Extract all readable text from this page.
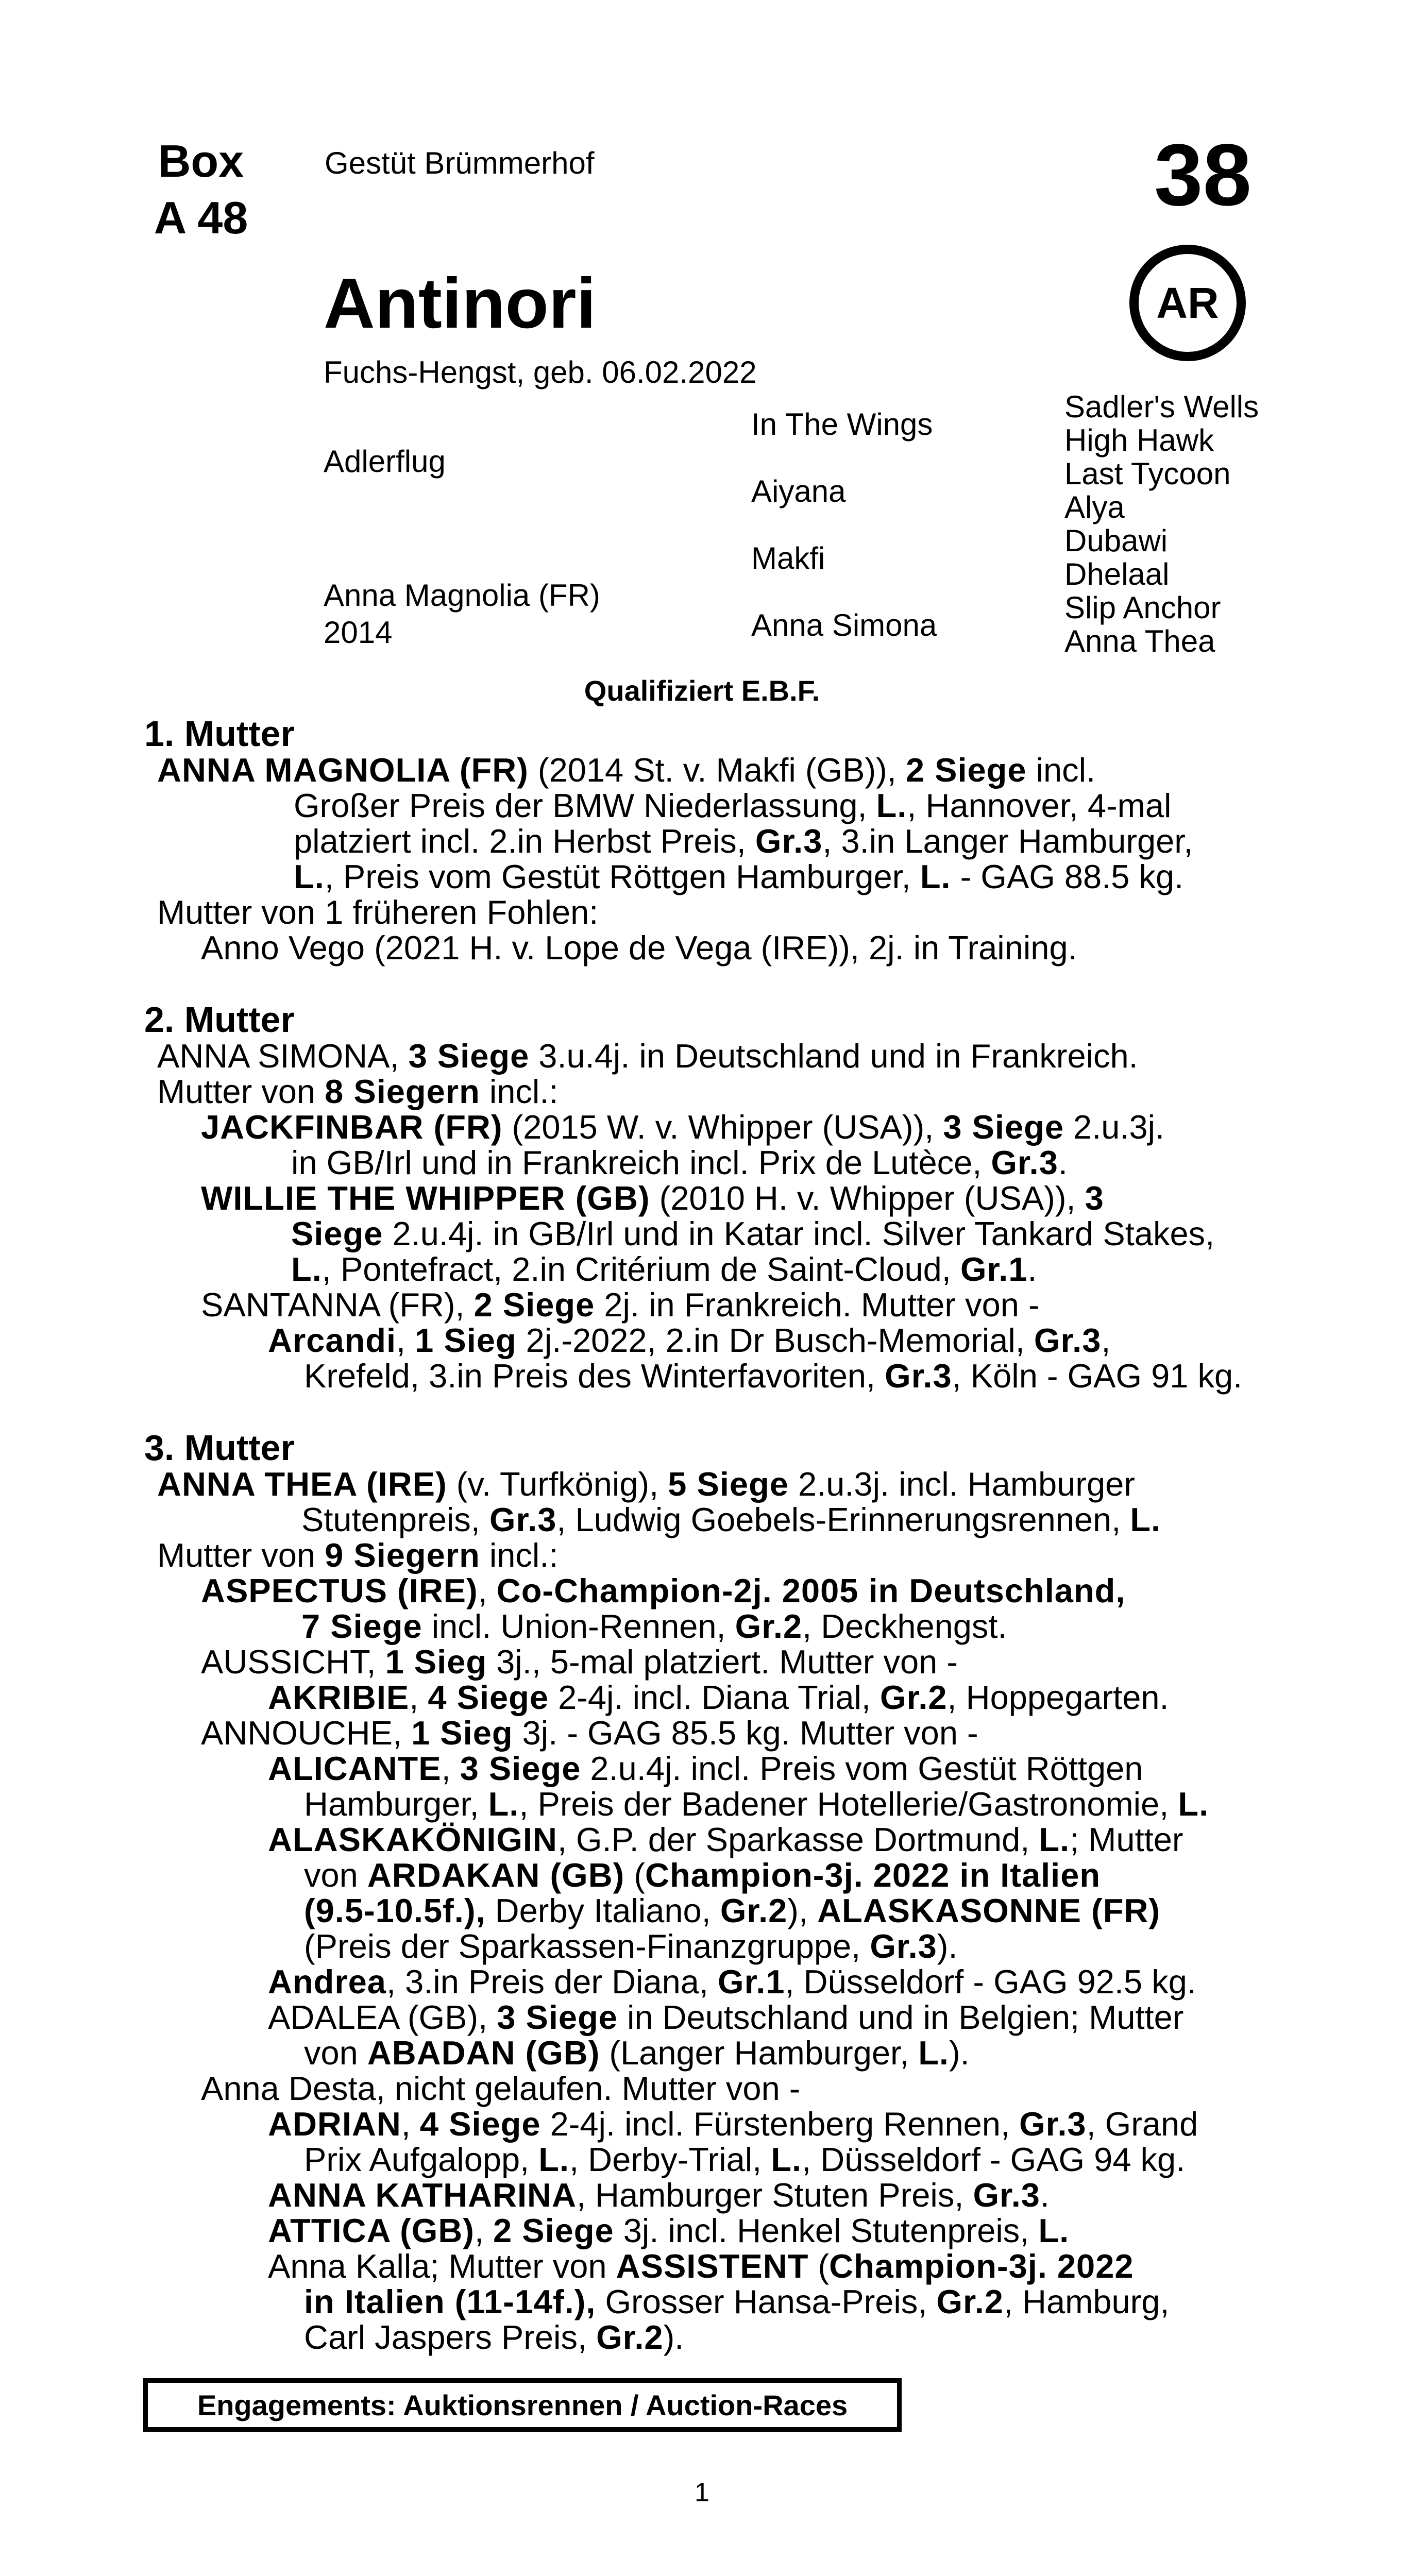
Box
A 48
Gestüt Brümmerhof	38
Antinori	AR
Fuchs-Hengst, geb. 06.02.2022
Adlerflug
Anna Magnolia (FR)
2014
In The Wings
Aiyana
Makfi
Anna Simona
Sadler's Wells
High Hawk
Last Tycoon
Alya
Dubawi
Dhelaal
Slip Anchor
Anna Thea
Qualifiziert E.B.F.
1. Mutter
ANNA MAGNOLIA (FR) (2014 St. v. Makfi (GB)), 2 Siege incl.
Großer Preis der BMW Niederlassung, L., Hannover, 4-mal
platziert incl. 2.in Herbst Preis, Gr.3, 3.in Langer Hamburger,
L., Preis vom Gestüt Röttgen Hamburger, L. - GAG 88.5 kg.
Mutter von 1 früheren Fohlen:
Anno Vego (2021 H. v. Lope de Vega (IRE)), 2j. in Training.
2. Mutter
ANNA SIMONA, 3 Siege 3.u.4j. in Deutschland und in Frankreich.
Mutter von 8 Siegern incl.:
JACKFINBAR (FR) (2015 W. v. Whipper (USA)), 3 Siege 2.u.3j.
in GB/Irl und in Frankreich incl. Prix de Lutèce, Gr.3.
WILLIE THE WHIPPER (GB) (2010 H. v. Whipper (USA)), 3
Siege 2.u.4j. in GB/Irl und in Katar incl. Silver Tankard Stakes,
L., Pontefract, 2.in Critérium de Saint-Cloud, Gr.1.
SANTANNA (FR), 2 Siege 2j. in Frankreich. Mutter von -
Arcandi, 1 Sieg 2j.-2022, 2.in Dr Busch-Memorial, Gr.3,
Krefeld, 3.in Preis des Winterfavoriten, Gr.3, Köln - GAG 91 kg.
3. Mutter
ANNA THEA (IRE) (v. Turfkönig), 5 Siege 2.u.3j. incl. Hamburger
Stutenpreis, Gr.3, Ludwig Goebels-Erinnerungsrennen, L.
Mutter von 9 Siegern incl.:
ASPECTUS (IRE), Co-Champion-2j. 2005 in Deutschland,
7 Siege incl. Union-Rennen, Gr.2, Deckhengst.
AUSSICHT, 1 Sieg 3j., 5-mal platziert. Mutter von -
AKRIBIE, 4 Siege 2-4j. incl. Diana Trial, Gr.2, Hoppegarten.
ANNOUCHE, 1 Sieg 3j. - GAG 85.5 kg. Mutter von -
ALICANTE, 3 Siege 2.u.4j. incl. Preis vom Gestüt Röttgen
Hamburger, L., Preis der Badener Hotellerie/Gastronomie, L.
ALASKAKÖNIGIN, G.P. der Sparkasse Dortmund, L.; Mutter
von ARDAKAN (GB) (Champion-3j. 2022 in Italien
(9.5-10.5f.), Derby Italiano, Gr.2), ALASKASONNE (FR)
(Preis der Sparkassen-Finanzgruppe, Gr.3).
Andrea, 3.in Preis der Diana, Gr.1, Düsseldorf - GAG 92.5 kg.
ADALEA (GB), 3 Siege in Deutschland und in Belgien; Mutter
von ABADAN (GB) (Langer Hamburger, L.).
Anna Desta, nicht gelaufen. Mutter von -
ADRIAN, 4 Siege 2-4j. incl. Fürstenberg Rennen, Gr.3, Grand
Prix Aufgalopp, L., Derby-Trial, L., Düsseldorf - GAG 94 kg.
ANNA KATHARINA, Hamburger Stuten Preis, Gr.3.
ATTICA (GB), 2 Siege 3j. incl. Henkel Stutenpreis, L.
Anna Kalla; Mutter von ASSISTENT (Champion-3j. 2022
in Italien (11-14f.), Grosser Hansa-Preis, Gr.2, Hamburg,
Carl Jaspers Preis, Gr.2).
Engagements: Auktionsrennen / Auction-Races
1
